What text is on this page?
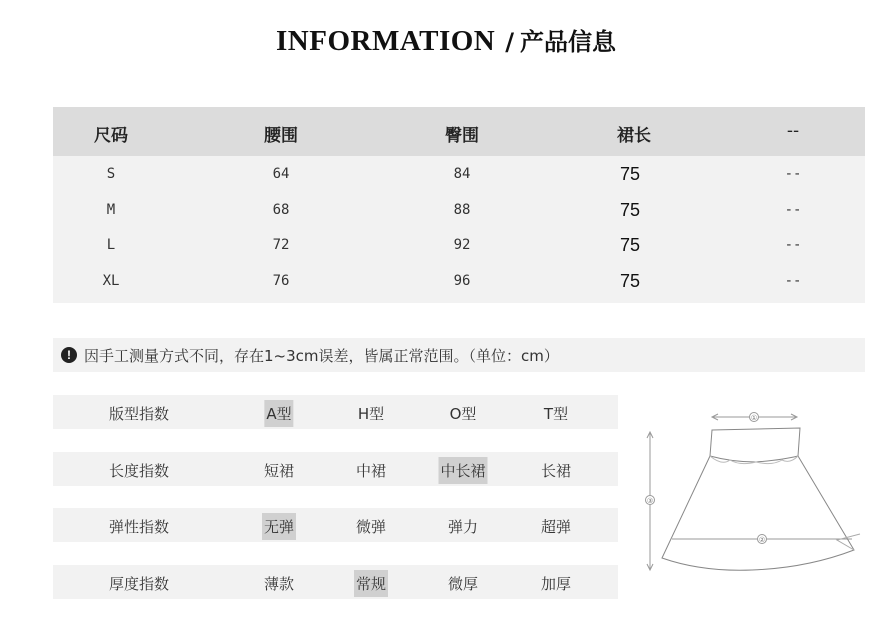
INFORMATION / 产品信息
尺码	腰围	臀围	裙长	--
S	64	84	75	--
M	68	88	75	--
L	72	92	75	--
XL	76	96	75	--
! 因手工测量方式不同，存在1~3cm误差，皆属正常范围。（单位：cm）
版型指数	A型	H型	O型	T型
长度指数	短裙	中裙	中长裙	长裙
弹性指数	无弹	微弹	弹力	超弹
厚度指数	薄款	常规	微厚	加厚
①
②
③
